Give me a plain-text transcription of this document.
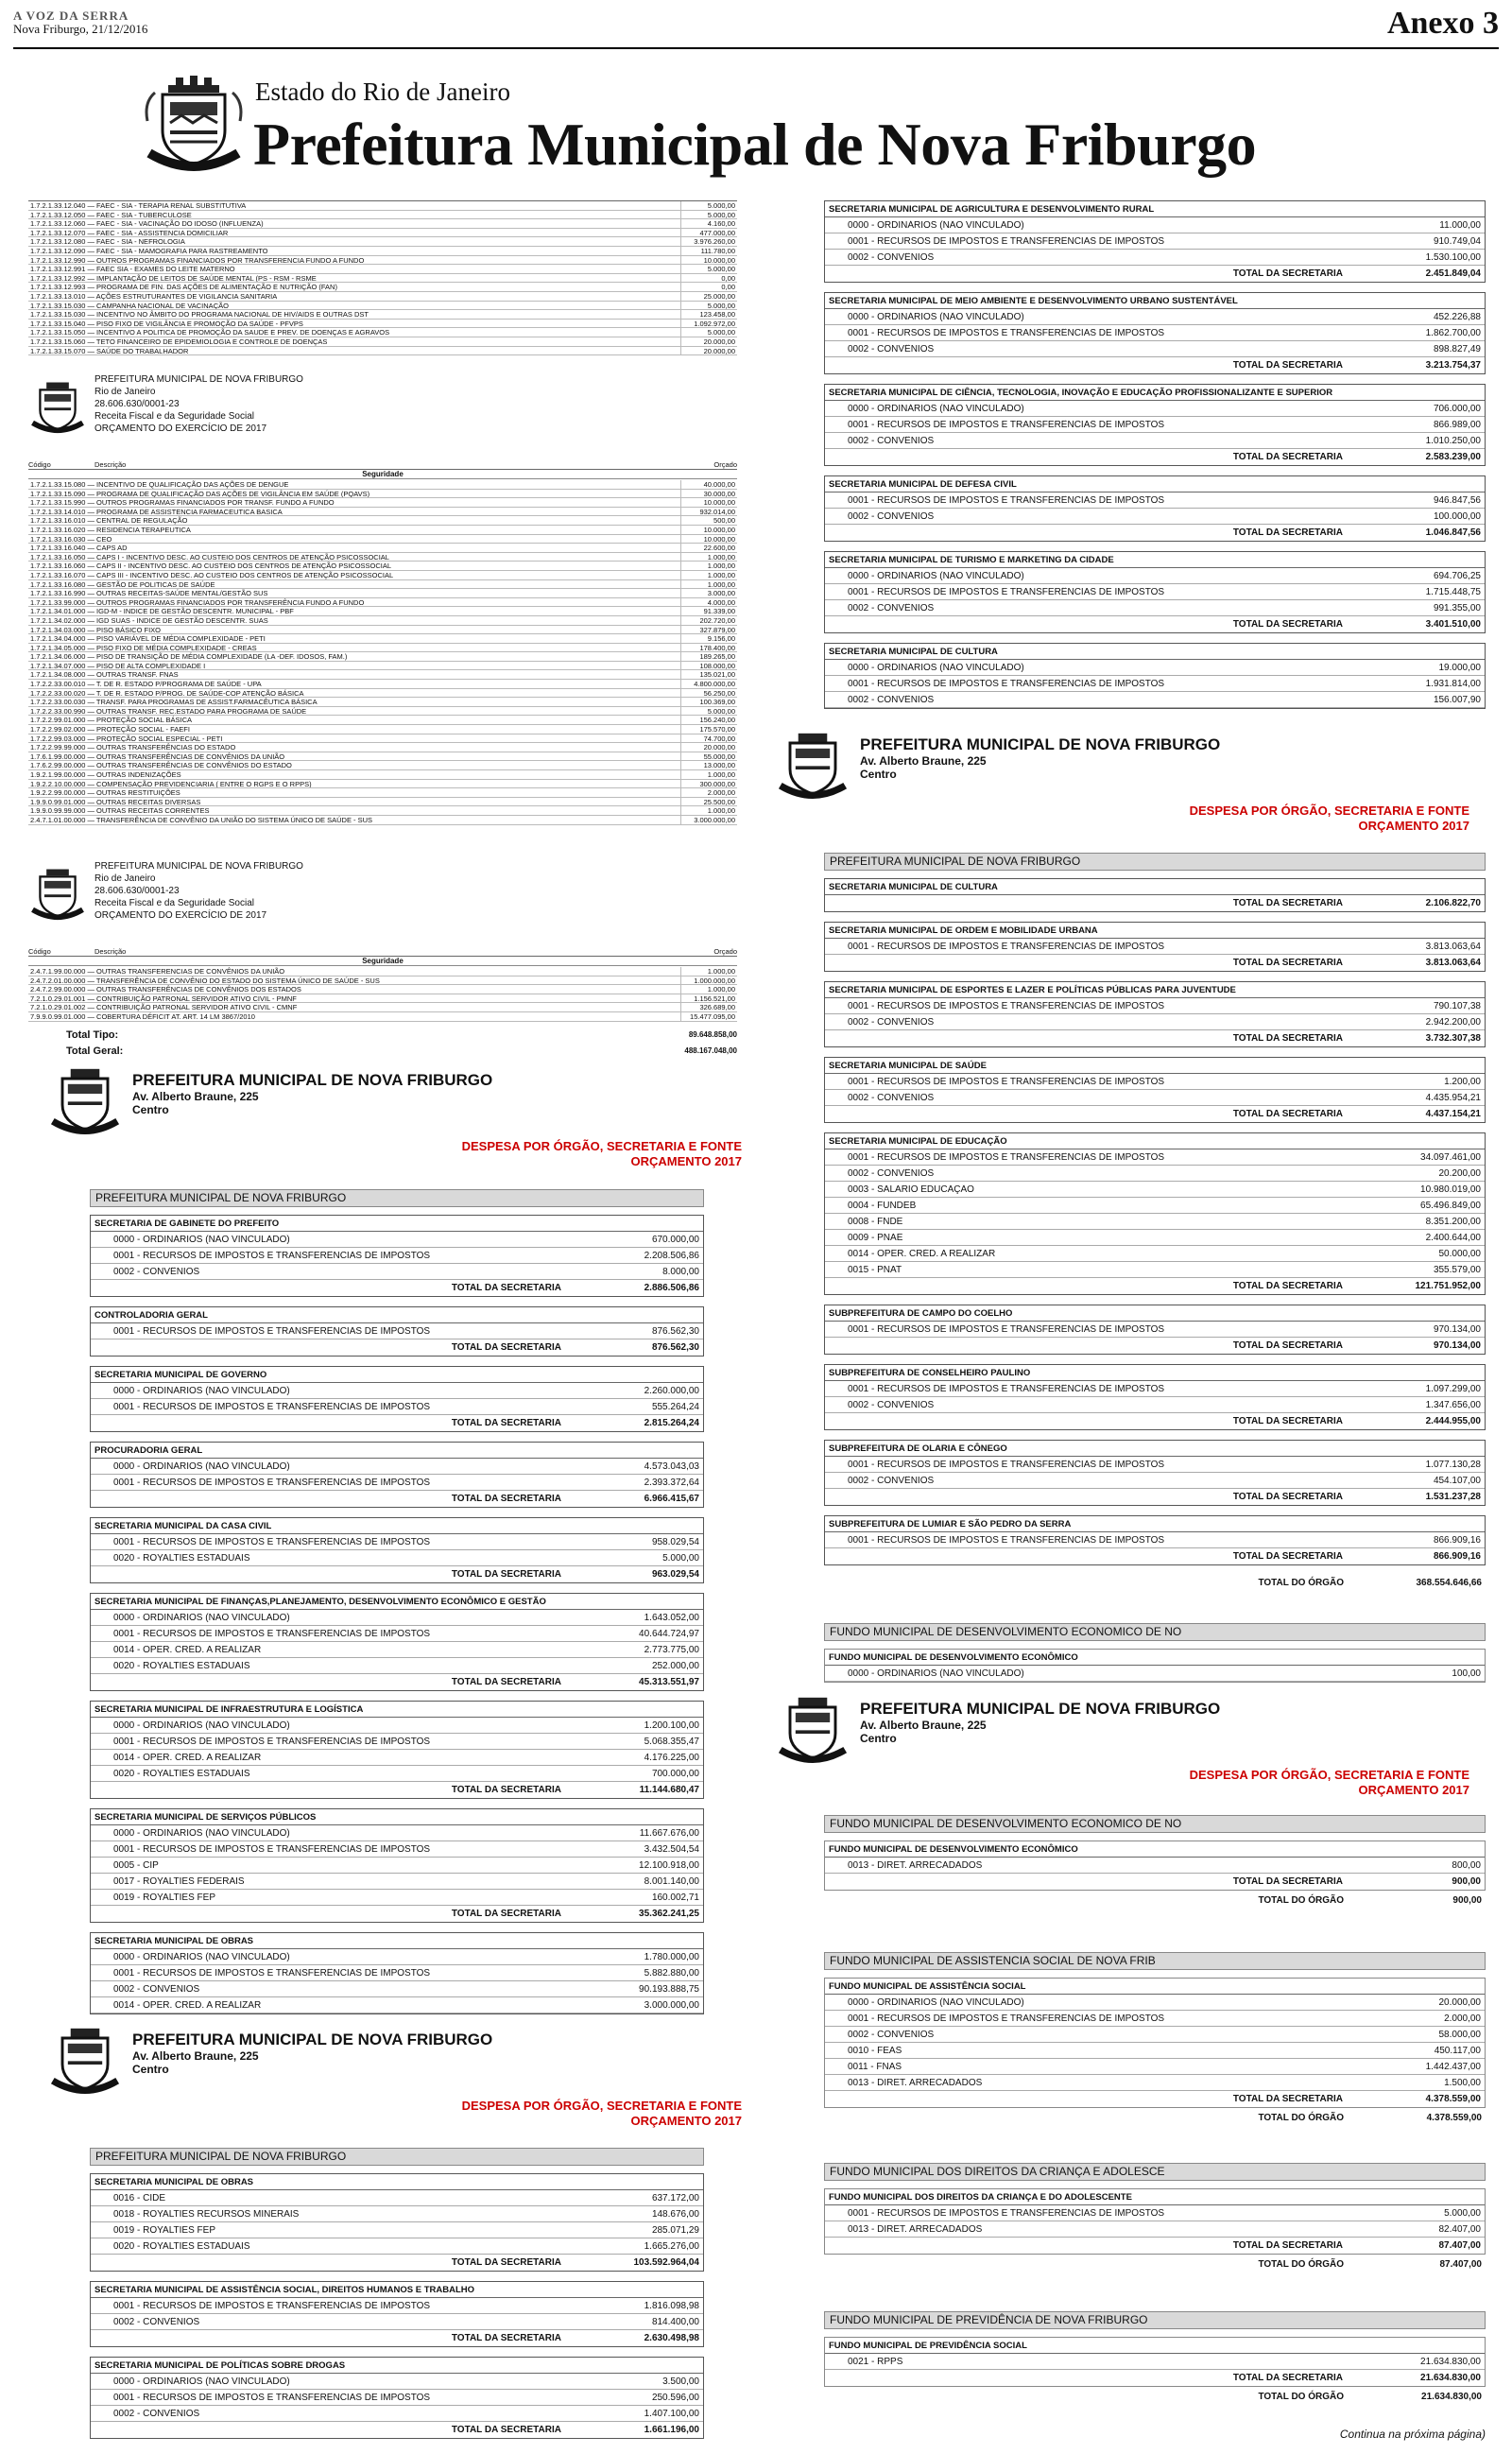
A VOZ DA SERRA
Nova Friburgo, 21/12/2016	Anexo 3
Estado do Rio de Janeiro
Prefeitura Municipal de Nova Friburgo
1.7.2.1.33.12.040 — FAEC - SIA - TERAPIA RENAL SUBSTITUTIVA	5.000,00
1.7.2.1.33.12.050 — FAEC - SIA - TUBERCULOSE	5.000,00
1.7.2.1.33.12.060 — FAEC - SIA - VACINAÇÃO DO IDOSO (INFLUENZA)	4.160,00
1.7.2.1.33.12.070 — FAEC - SIA - ASSISTENCIA DOMICILIAR	477.000,00
1.7.2.1.33.12.080 — FAEC - SIA - NEFROLOGIA	3.976.260,00
1.7.2.1.33.12.090 — FAEC - SIA - MAMOGRAFIA PARA RASTREAMENTO	111.780,00
1.7.2.1.33.12.990 — OUTROS PROGRAMAS FINANCIADOS POR TRANSFERENCIA FUNDO A FUNDO	10.000,00
1.7.2.1.33.12.991 — FAEC SIA - EXAMES DO LEITE MATERNO	5.000,00
1.7.2.1.33.12.992 — IMPLANTAÇÃO DE LEITOS DE SAÚDE MENTAL (PS - RSM - RSME	0,00
1.7.2.1.33.12.993 — PROGRAMA DE FIN. DAS AÇÕES DE ALIMENTAÇÃO E NUTRIÇÃO (FAN)	0,00
1.7.2.1.33.13.010 — AÇÕES ESTRUTURANTES DE VIGILANCIA SANITARIA	25.000,00
1.7.2.1.33.15.030 — CAMPANHA NACIONAL DE VACINAÇÃO	5.000,00
1.7.2.1.33.15.030 — INCENTIVO NO ÂMBITO DO PROGRAMA NACIONAL DE HIV/AIDS E OUTRAS DST	123.458,00
1.7.2.1.33.15.040 — PISO FIXO DE VIGILÂNCIA E PROMOÇÃO DA SAÚDE - PFVPS	1.092.972,00
1.7.2.1.33.15.050 — INCENTIVO A POLITICA DE PROMOÇÃO DA SAUDE E PREV. DE DOENÇAS E AGRAVOS	5.000,00
1.7.2.1.33.15.060 — TETO FINANCEIRO DE EPIDEMIOLOGIA E CONTROLE DE DOENÇAS	20.000,00
1.7.2.1.33.15.070 — SAÚDE DO TRABALHADOR	20.000,00
PREFEITURA MUNICIPAL DE NOVA FRIBURGO
Rio de Janeiro
28.606.630/0001-23
Receita Fiscal e da Seguridade Social
ORÇAMENTO DO EXERCÍCIO DE 2017
Código	Descrição	Orçado
Seguridade
1.7.2.1.33.15.080 — INCENTIVO DE QUALIFICAÇÃO DAS AÇÕES DE DENGUE	40.000,00
1.7.2.1.33.15.090 — PROGRAMA DE QUALIFICAÇÃO DAS AÇÕES DE VIGILÂNCIA EM SAÚDE (PQAVS)	30.000,00
1.7.2.1.33.15.990 — OUTROS PROGRAMAS FINANCIADOS POR TRANSF. FUNDO A FUNDO	10.000,00
1.7.2.1.33.14.010 — PROGRAMA DE ASSISTENCIA FARMACEUTICA BASICA	932.014,00
1.7.2.1.33.16.010 — CENTRAL DE REGULAÇÃO	500,00
1.7.2.1.33.16.020 — RESIDENCIA TERAPEUTICA	10.000,00
1.7.2.1.33.16.030 — CEO	10.000,00
1.7.2.1.33.16.040 — CAPS AD	22.600,00
1.7.2.1.33.16.050 — CAPS I - INCENTIVO DESC. AO CUSTEIO DOS CENTROS DE ATENÇÃO PSICOSSOCIAL	1.000,00
1.7.2.1.33.16.060 — CAPS II - INCENTIVO DESC. AO CUSTEIO DOS CENTROS DE ATENÇÃO PSICOSSOCIAL	1.000,00
1.7.2.1.33.16.070 — CAPS III - INCENTIVO DESC. AO CUSTEIO DOS CENTROS DE ATENÇÃO PSICOSSOCIAL	1.000,00
1.7.2.1.33.16.080 — GESTÃO DE POLITICAS DE SAÚDE	1.000,00
1.7.2.1.33.16.990 — OUTRAS RECEITAS-SAÚDE MENTAL/GESTÃO SUS	3.000,00
1.7.2.1.33.99.000 — OUTROS PROGRAMAS FINANCIADOS POR TRANSFERÊNCIA FUNDO A FUNDO	4.000,00
1.7.2.1.34.01.000 — IGD-M - INDICE DE GESTÃO DESCENTR. MUNICIPAL - PBF	91.339,00
1.7.2.1.34.02.000 — IGD SUAS - INDICE DE GESTÃO DESCENTR. SUAS	202.720,00
1.7.2.1.34.03.000 — PISO BÁSICO FIXO	327.879,00
1.7.2.1.34.04.000 — PISO VARIÁVEL DE MÉDIA COMPLEXIDADE - PETI	9.156,00
1.7.2.1.34.05.000 — PISO FIXO DE MÉDIA COMPLEXIDADE - CREAS	178.400,00
1.7.2.1.34.06.000 — PISO DE TRANSIÇÃO DE MÉDIA COMPLEXIDADE (LA -DEF. IDOSOS, FAM.)	189.265,00
1.7.2.1.34.07.000 — PISO DE ALTA COMPLEXIDADE I	108.000,00
1.7.2.1.34.08.000 — OUTRAS TRANSF. FNAS	135.021,00
1.7.2.2.33.00.010 — T. DE R. ESTADO P/PROGRAMA DE SAÚDE - UPA	4.800.000,00
1.7.2.2.33.00.020 — T. DE R. ESTADO P/PROG. DE SAÚDE-COP ATENÇÃO BÁSICA	56.250,00
1.7.2.2.33.00.030 — TRANSF. PARA PROGRAMAS DE ASSIST.FARMACÊUTICA BÁSICA	100.369,00
1.7.2.2.33.00.990 — OUTRAS TRANSF. REC.ESTADO PARA PROGRAMA DE SAÚDE	5.000,00
1.7.2.2.99.01.000 — PROTEÇÃO SOCIAL BÁSICA	156.240,00
1.7.2.2.99.02.000 — PROTEÇÃO SOCIAL - FAEFI	175.570,00
1.7.2.2.99.03.000 — PROTEÇÃO SOCIAL ESPECIAL - PETI	74.700,00
1.7.2.2.99.99.000 — OUTRAS TRANSFERÊNCIAS DO ESTADO	20.000,00
1.7.6.1.99.00.000 — OUTRAS TRANSFERÊNCIAS DE CONVÊNIOS DA UNIÃO	55.000,00
1.7.6.2.99.00.000 — OUTRAS TRANSFERÊNCIAS DE CONVÊNIOS DO ESTADO	13.000,00
1.9.2.1.99.00.000 — OUTRAS INDENIZAÇÕES	1.000,00
1.9.2.2.10.00.000 — COMPENSAÇÃO PREVIDENCIARIA ( ENTRE O RGPS E O RPPS)	300.000,00
1.9.2.2.99.00.000 — OUTRAS RESTITUIÇÕES	2.000,00
1.9.9.0.99.01.000 — OUTRAS RECEITAS DIVERSAS	25.500,00
1.9.9.0.99.99.000 — OUTRAS RECEITAS CORRENTES	1.000,00
2.4.7.1.01.00.000 — TRANSFERÊNCIA DE CONVÊNIO DA UNIÃO DO SISTEMA ÚNICO DE SAÚDE - SUS	3.000.000,00
PREFEITURA MUNICIPAL DE NOVA FRIBURGO
Rio de Janeiro
28.606.630/0001-23
Receita Fiscal e da Seguridade Social
ORÇAMENTO DO EXERCÍCIO DE 2017
Código	Descrição	Orçado
Seguridade
2.4.7.1.99.00.000 — OUTRAS TRANSFERENCIAS DE CONVÊNIOS DA UNIÃO	1.000,00
2.4.7.2.01.00.000 — TRANSFERÊNCIA DE CONVÊNIO DO ESTADO DO SISTEMA ÚNICO DE SAÚDE - SUS	1.000.000,00
2.4.7.2.99.00.000 — OUTRAS TRANSFERÊNCIAS DE CONVÊNIOS DOS ESTADOS	1.000,00
7.2.1.0.29.01.001 — CONTRIBUIÇÃO PATRONAL SERVIDOR ATIVO CIVIL - PMNF	1.156.521,00
7.2.1.0.29.01.002 — CONTRIBUIÇÃO PATRONAL SERVIDOR ATIVO CIVIL - CMNF	326.689,00
7.9.9.0.99.01.000 — COBERTURA DÉFICIT AT. ART. 14 LM 3867/2010	15.477.095,00
Total Tipo:	89.648.858,00
Total Geral:	488.167.048,00
PREFEITURA MUNICIPAL DE NOVA FRIBURGO
Av. Alberto Braune, 225
Centro
DESPESA POR ÓRGÃO, SECRETARIA E FONTE
ORÇAMENTO 2017
PREFEITURA MUNICIPAL DE NOVA FRIBURGO
SECRETARIA DE GABINETE DO PREFEITO
0000 - ORDINÁRIOS (NÃO VINCULADO)	670.000,00
0001 - RECURSOS DE IMPOSTOS E TRANSFERÊNCIAS DE IMPOSTOS	2.208.506,86
0002 - CONVÊNIOS	8.000,00
TOTAL DA SECRETARIA	2.886.506,86
CONTROLADORIA GERAL
0001 - RECURSOS DE IMPOSTOS E TRANSFERÊNCIAS DE IMPOSTOS	876.562,30
TOTAL DA SECRETARIA	876.562,30
SECRETARIA MUNICIPAL DE GOVERNO
0000 - ORDINÁRIOS (NÃO VINCULADO)	2.260.000,00
0001 - RECURSOS DE IMPOSTOS E TRANSFERÊNCIAS DE IMPOSTOS	555.264,24
TOTAL DA SECRETARIA	2.815.264,24
PROCURADORIA GERAL
0000 - ORDINÁRIOS (NÃO VINCULADO)	4.573.043,03
0001 - RECURSOS DE IMPOSTOS E TRANSFERÊNCIAS DE IMPOSTOS	2.393.372,64
TOTAL DA SECRETARIA	6.966.415,67
SECRETARIA MUNICIPAL DA CASA CIVIL
0001 - RECURSOS DE IMPOSTOS E TRANSFERÊNCIAS DE IMPOSTOS	958.029,54
0020 - ROYALTIES ESTADUAIS	5.000,00
TOTAL DA SECRETARIA	963.029,54
SECRETARIA MUNICIPAL DE FINANÇAS,PLANEJAMENTO, DESENVOLVIMENTO ECONÔMICO E GESTÃO
0000 - ORDINÁRIOS (NÃO VINCULADO)	1.643.052,00
0001 - RECURSOS DE IMPOSTOS E TRANSFERÊNCIAS DE IMPOSTOS	40.644.724,97
0014 - OPER. CRÉD. A REALIZAR	2.773.775,00
0020 - ROYALTIES ESTADUAIS	252.000,00
TOTAL DA SECRETARIA	45.313.551,97
SECRETARIA MUNICIPAL DE INFRAESTRUTURA E LOGÍSTICA
0000 - ORDINÁRIOS (NÃO VINCULADO)	1.200.100,00
0001 - RECURSOS DE IMPOSTOS E TRANSFERÊNCIAS DE IMPOSTOS	5.068.355,47
0014 - OPER. CRÉD. A REALIZAR	4.176.225,00
0020 - ROYALTIES ESTADUAIS	700.000,00
TOTAL DA SECRETARIA	11.144.680,47
SECRETARIA MUNICIPAL DE SERVIÇOS PÚBLICOS
0000 - ORDINÁRIOS (NÃO VINCULADO)	11.667.676,00
0001 - RECURSOS DE IMPOSTOS E TRANSFERÊNCIAS DE IMPOSTOS	3.432.504,54
0005 - CIP	12.100.918,00
0017 - ROYALTIES FEDERAIS	8.001.140,00
0019 - ROYALTIES FEP	160.002,71
TOTAL DA SECRETARIA	35.362.241,25
SECRETARIA MUNICIPAL DE OBRAS
0000 - ORDINÁRIOS (NÃO VINCULADO)	1.780.000,00
0001 - RECURSOS DE IMPOSTOS E TRANSFERÊNCIAS DE IMPOSTOS	5.882.880,00
0002 - CONVÊNIOS	90.193.888,75
0014 - OPER. CRÉD. A REALIZAR	3.000.000,00
PREFEITURA MUNICIPAL DE NOVA FRIBURGO
Av. Alberto Braune, 225
Centro
DESPESA POR ÓRGÃO, SECRETARIA E FONTE
ORÇAMENTO 2017
PREFEITURA MUNICIPAL DE NOVA FRIBURGO
SECRETARIA MUNICIPAL DE OBRAS
0016 - CIDE	637.172,00
0018 - ROYALTIES RECURSOS MINERAIS	148.676,00
0019 - ROYALTIES FEP	285.071,29
0020 - ROYALTIES ESTADUAIS	1.665.276,00
TOTAL DA SECRETARIA	103.592.964,04
SECRETARIA MUNICIPAL DE ASSISTÊNCIA SOCIAL, DIREITOS HUMANOS E TRABALHO
0001 - RECURSOS DE IMPOSTOS E TRANSFERÊNCIAS DE IMPOSTOS	1.816.098,98
0002 - CONVÊNIOS	814.400,00
TOTAL DA SECRETARIA	2.630.498,98
SECRETARIA MUNICIPAL DE POLÍTICAS SOBRE DROGAS
0000 - ORDINÁRIOS (NÃO VINCULADO)	3.500,00
0001 - RECURSOS DE IMPOSTOS E TRANSFERÊNCIAS DE IMPOSTOS	250.596,00
0002 - CONVÊNIOS	1.407.100,00
TOTAL DA SECRETARIA	1.661.196,00
SECRETARIA MUNICIPAL DE AGRICULTURA E DESENVOLVIMENTO RURAL
0000 - ORDINÁRIOS (NÃO VINCULADO)	11.000,00
0001 - RECURSOS DE IMPOSTOS E TRANSFERÊNCIAS DE IMPOSTOS	910.749,04
0002 - CONVÊNIOS	1.530.100,00
TOTAL DA SECRETARIA	2.451.849,04
SECRETARIA MUNICIPAL DE MEIO AMBIENTE E DESENVOLVIMENTO URBANO SUSTENTÁVEL
0000 - ORDINÁRIOS (NÃO VINCULADO)	452.226,88
0001 - RECURSOS DE IMPOSTOS E TRANSFERÊNCIAS DE IMPOSTOS	1.862.700,00
0002 - CONVÊNIOS	898.827,49
TOTAL DA SECRETARIA	3.213.754,37
SECRETARIA MUNICIPAL DE CIÊNCIA, TECNOLOGIA, INOVAÇÃO E EDUCAÇÃO PROFISSIONALIZANTE E SUPERIOR
0000 - ORDINÁRIOS (NÃO VINCULADO)	706.000,00
0001 - RECURSOS DE IMPOSTOS E TRANSFERÊNCIAS DE IMPOSTOS	866.989,00
0002 - CONVÊNIOS	1.010.250,00
TOTAL DA SECRETARIA	2.583.239,00
SECRETARIA MUNICIPAL DE DEFESA CIVIL
0001 - RECURSOS DE IMPOSTOS E TRANSFERÊNCIAS DE IMPOSTOS	946.847,56
0002 - CONVÊNIOS	100.000,00
TOTAL DA SECRETARIA	1.046.847,56
SECRETARIA MUNICIPAL DE TURISMO E MARKETING DA CIDADE
0000 - ORDINÁRIOS (NÃO VINCULADO)	694.706,25
0001 - RECURSOS DE IMPOSTOS E TRANSFERÊNCIAS DE IMPOSTOS	1.715.448,75
0002 - CONVÊNIOS	991.355,00
TOTAL DA SECRETARIA	3.401.510,00
SECRETARIA MUNICIPAL DE CULTURA
0000 - ORDINÁRIOS (NÃO VINCULADO)	19.000,00
0001 - RECURSOS DE IMPOSTOS E TRANSFERÊNCIAS DE IMPOSTOS	1.931.814,00
0002 - CONVÊNIOS	156.007,90
PREFEITURA MUNICIPAL DE NOVA FRIBURGO
Av. Alberto Braune, 225
Centro
DESPESA POR ÓRGÃO, SECRETARIA E FONTE
ORÇAMENTO 2017
PREFEITURA MUNICIPAL DE NOVA FRIBURGO
SECRETARIA MUNICIPAL DE CULTURA
TOTAL DA SECRETARIA	2.106.822,70
SECRETARIA MUNICIPAL DE ORDEM E MOBILIDADE URBANA
0001 - RECURSOS DE IMPOSTOS E TRANSFERÊNCIAS DE IMPOSTOS	3.813.063,64
TOTAL DA SECRETARIA	3.813.063,64
SECRETARIA MUNICIPAL DE ESPORTES E LAZER E POLÍTICAS PÚBLICAS PARA JUVENTUDE
0001 - RECURSOS DE IMPOSTOS E TRANSFERÊNCIAS DE IMPOSTOS	790.107,38
0002 - CONVÊNIOS	2.942.200,00
TOTAL DA SECRETARIA	3.732.307,38
SECRETARIA MUNICIPAL DE SAÚDE
0001 - RECURSOS DE IMPOSTOS E TRANSFERÊNCIAS DE IMPOSTOS	1.200,00
0002 - CONVÊNIOS	4.435.954,21
TOTAL DA SECRETARIA	4.437.154,21
SECRETARIA MUNICIPAL DE EDUCAÇÃO
0001 - RECURSOS DE IMPOSTOS E TRANSFERÊNCIAS DE IMPOSTOS	34.097.461,00
0002 - CONVÊNIOS	20.200,00
0003 - SALARIO EDUCAÇÃO	10.980.019,00
0004 - FUNDEB	65.496.849,00
0008 - FNDE	8.351.200,00
0009 - PNAE	2.400.644,00
0014 - OPER. CRÉD. A REALIZAR	50.000,00
0015 - PNAT	355.579,00
TOTAL DA SECRETARIA	121.751.952,00
SUBPREFEITURA DE CAMPO DO COELHO
0001 - RECURSOS DE IMPOSTOS E TRANSFERÊNCIAS DE IMPOSTOS	970.134,00
TOTAL DA SECRETARIA	970.134,00
SUBPREFEITURA DE CONSELHEIRO PAULINO
0001 - RECURSOS DE IMPOSTOS E TRANSFERÊNCIAS DE IMPOSTOS	1.097.299,00
0002 - CONVÊNIOS	1.347.656,00
TOTAL DA SECRETARIA	2.444.955,00
SUBPREFEITURA DE OLARIA E CÔNEGO
0001 - RECURSOS DE IMPOSTOS E TRANSFERÊNCIAS DE IMPOSTOS	1.077.130,28
0002 - CONVÊNIOS	454.107,00
TOTAL DA SECRETARIA	1.531.237,28
SUBPREFEITURA DE LUMIAR E SÃO PEDRO DA SERRA
0001 - RECURSOS DE IMPOSTOS E TRANSFERÊNCIAS DE IMPOSTOS	866.909,16
TOTAL DA SECRETARIA	866.909,16
TOTAL DO ÓRGÃO	368.554.646,66
FUNDO MUNICIPAL DE DESENVOLVIMENTO ECONOMICO DE NO
FUNDO MUNICIPAL DE DESENVOLVIMENTO ECONÔMICO
0000 - ORDINÁRIOS (NÃO VINCULADO)	100,00
PREFEITURA MUNICIPAL DE NOVA FRIBURGO
Av. Alberto Braune, 225
Centro
DESPESA POR ÓRGÃO, SECRETARIA E FONTE
ORÇAMENTO 2017
FUNDO MUNICIPAL DE DESENVOLVIMENTO ECONOMICO DE NO
FUNDO MUNICIPAL DE DESENVOLVIMENTO ECONÔMICO
0013 - DIRET. ARRECADADOS	800,00
TOTAL DA SECRETARIA	900,00
TOTAL DO ÓRGÃO	900,00
FUNDO MUNICIPAL DE ASSISTENCIA SOCIAL DE NOVA FRIB
FUNDO MUNICIPAL DE ASSISTÊNCIA SOCIAL
0000 - ORDINÁRIOS (NÃO VINCULADO)	20.000,00
0001 - RECURSOS DE IMPOSTOS E TRANSFERÊNCIAS DE IMPOSTOS	2.000,00
0002 - CONVÊNIOS	58.000,00
0010 - FEAS	450.117,00
0011 - FNAS	1.442.437,00
0013 - DIRET. ARRECADADOS	1.500,00
TOTAL DA SECRETARIA	4.378.559,00
TOTAL DO ÓRGÃO	4.378.559,00
FUNDO MUNICIPAL DOS DIREITOS DA CRIANÇA E ADOLESCE
FUNDO MUNICIPAL DOS DIREITOS DA CRIANÇA E DO ADOLESCENTE
0001 - RECURSOS DE IMPOSTOS E TRANSFERÊNCIAS DE IMPOSTOS	5.000,00
0013 - DIRET. ARRECADADOS	82.407,00
TOTAL DA SECRETARIA	87.407,00
TOTAL DO ÓRGÃO	87.407,00
FUNDO MUNICIPAL DE PREVIDÊNCIA DE NOVA FRIBURGO
FUNDO MUNICIPAL DE PREVIDÊNCIA SOCIAL
0021 - RPPS	21.634.830,00
TOTAL DA SECRETARIA	21.634.830,00
TOTAL DO ÓRGÃO	21.634.830,00
Continua na próxima página)
